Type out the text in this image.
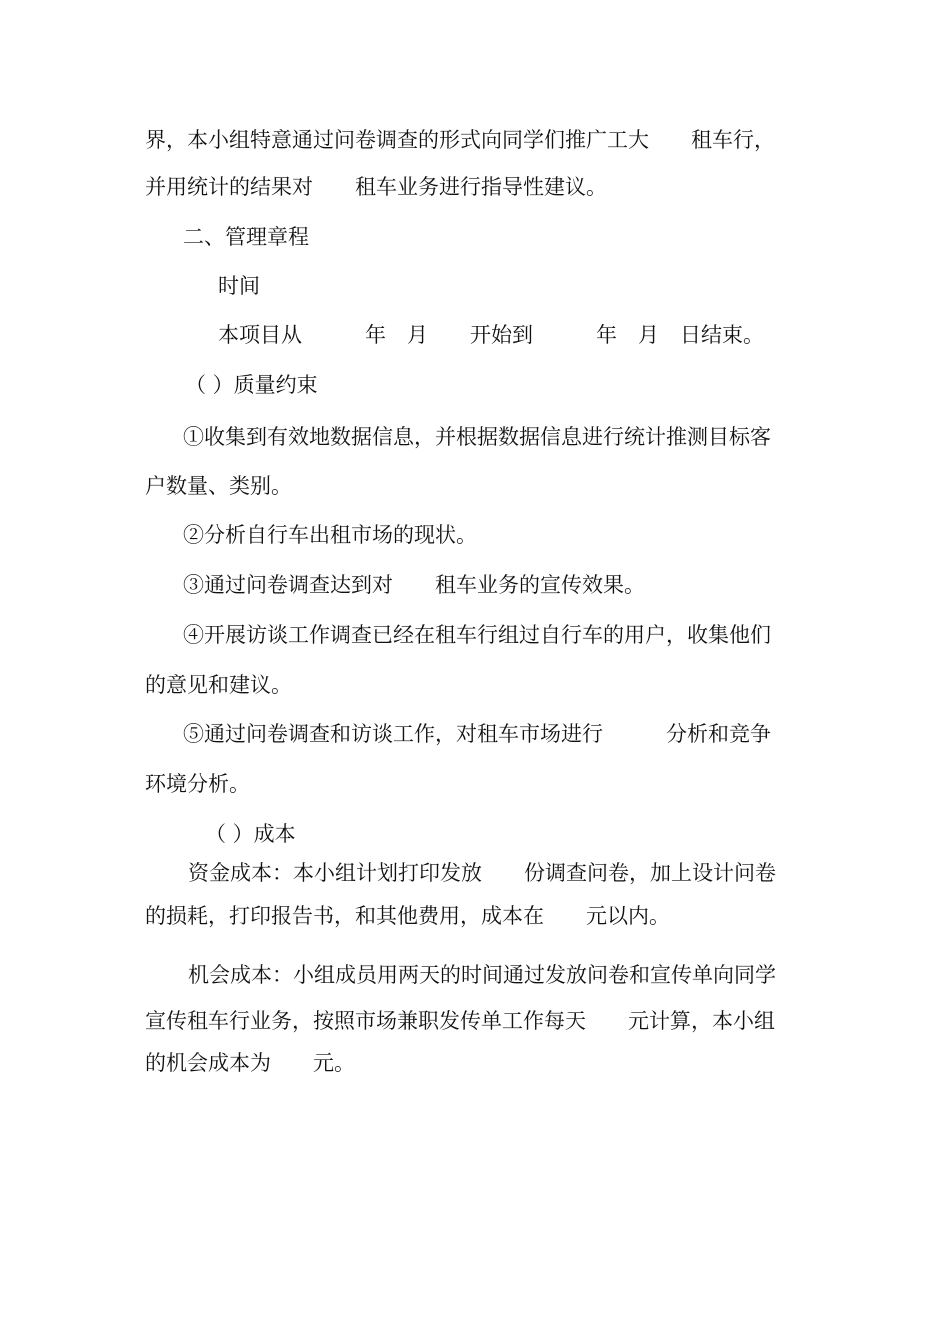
界，本小组特意通过问卷调查的形式向同学们推广工大　　租车行，

并用统计的结果对　　租车业务进行指导性建议。

二、管理章程

时间

本项目从　　　年　月　　开始到　　　年　月　日结束。

（ ）质量约束

①收集到有效地数据信息，并根据数据信息进行统计推测目标客

户数量、类别。

②分析自行车出租市场的现状。

③通过问卷调查达到对　　租车业务的宣传效果。

④开展访谈工作调查已经在租车行组过自行车的用户，收集他们

的意见和建议。

⑤通过问卷调查和访谈工作，对租车市场进行　　　分析和竞争

环境分析。

（ ）成本

资金成本：本小组计划打印发放　　份调查问卷，加上设计问卷

的损耗，打印报告书，和其他费用，成本在　　元以内。

机会成本：小组成员用两天的时间通过发放问卷和宣传单向同学

宣传租车行业务，按照市场兼职发传单工作每天　　元计算，本小组

的机会成本为　　元。
